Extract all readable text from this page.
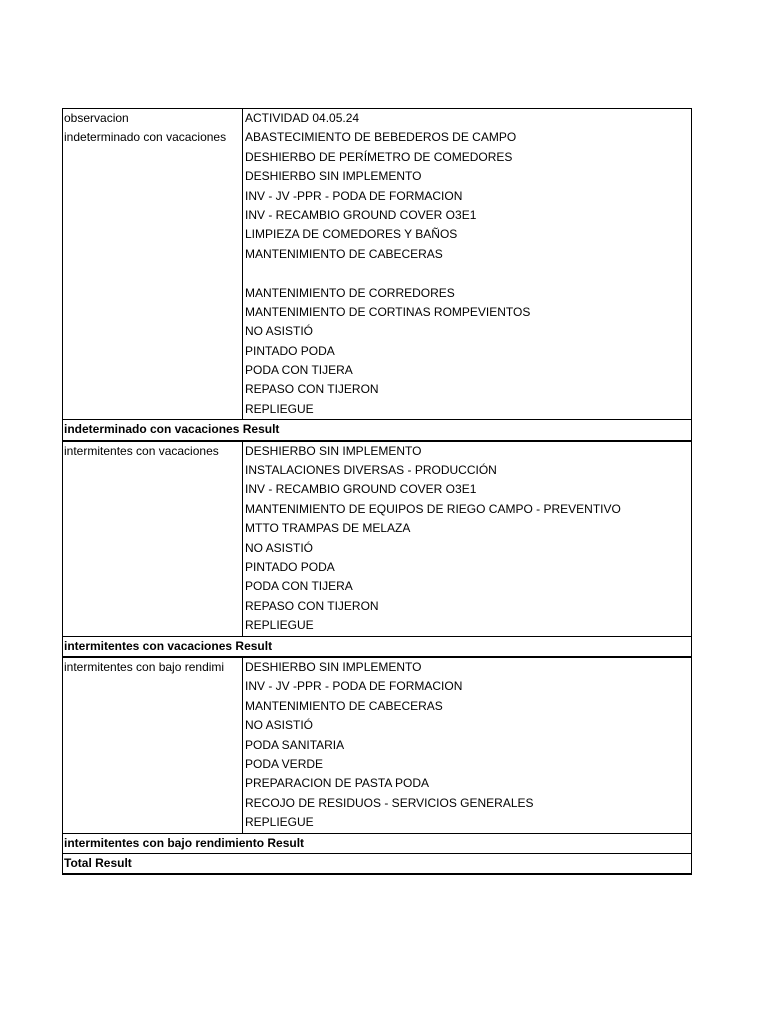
observacion	ACTIVIDAD 04.05.24
indeterminado con vacaciones	ABASTECIMIENTO DE BEBEDEROS DE CAMPO
DESHIERBO DE PERÍMETRO DE COMEDORES
DESHIERBO SIN IMPLEMENTO
INV - JV -PPR - PODA DE FORMACION
INV - RECAMBIO GROUND COVER O3E1
LIMPIEZA DE COMEDORES Y BAÑOS
MANTENIMIENTO DE CABECERAS
MANTENIMIENTO DE CORREDORES
MANTENIMIENTO DE CORTINAS ROMPEVIENTOS
NO ASISTIÓ
PINTADO PODA
PODA CON TIJERA
REPASO CON TIJERON
REPLIEGUE
indeterminado con vacaciones Result
intermitentes con vacaciones	DESHIERBO SIN IMPLEMENTO
INSTALACIONES DIVERSAS - PRODUCCIÓN
INV - RECAMBIO GROUND COVER O3E1
MANTENIMIENTO DE EQUIPOS DE RIEGO CAMPO - PREVENTIVO
MTTO TRAMPAS DE MELAZA
NO ASISTIÓ
PINTADO PODA
PODA CON TIJERA
REPASO CON TIJERON
REPLIEGUE
intermitentes con vacaciones Result
intermitentes con bajo rendimi	DESHIERBO SIN IMPLEMENTO
INV - JV -PPR - PODA DE FORMACION
MANTENIMIENTO DE CABECERAS
NO ASISTIÓ
PODA SANITARIA
PODA VERDE
PREPARACION DE PASTA PODA
RECOJO DE RESIDUOS - SERVICIOS GENERALES
REPLIEGUE
intermitentes con bajo rendimiento Result
Total Result
